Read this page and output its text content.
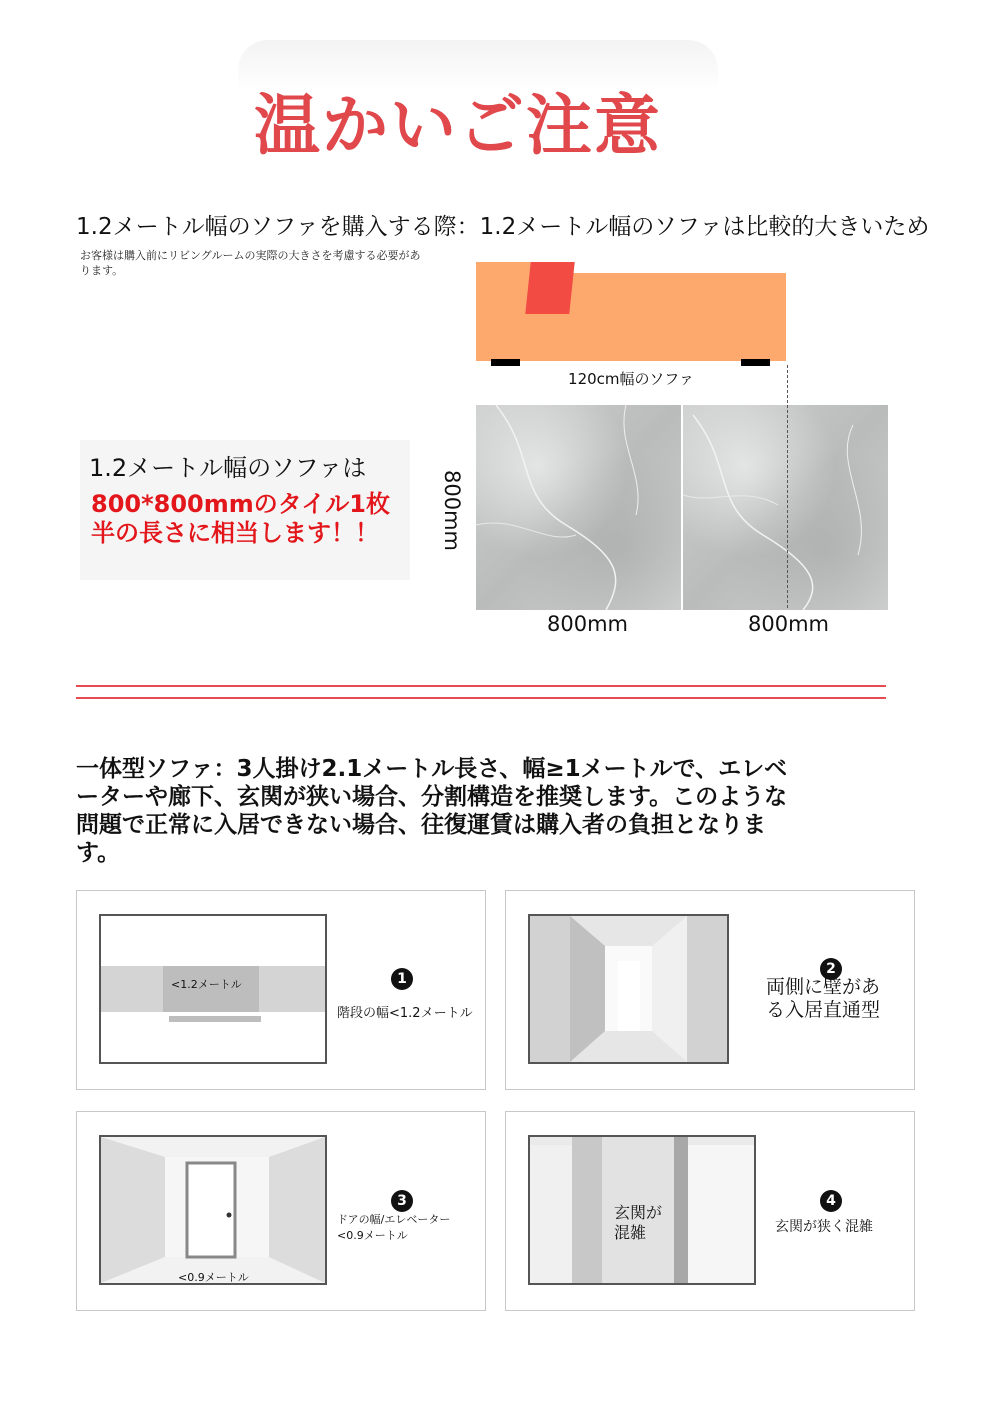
温かいご注意
1.2メートル幅のソファを購入する際：1.2メートル幅のソファは比較的大きいため
お客様は購入前にリビングルームの実際の大きさを考慮する必要があります。
120cm幅のソファ
800mm
800mm	800mm
1.2メートル幅のソファは
800*800mmのタイル1枚半の長さに相当します！！
一体型ソファ：3人掛け2.1メートル長さ、幅≥1メートルで、エレベーターや廊下、玄関が狭い場合、分割構造を推奨します。このような問題で正常に入居できない場合、往復運賃は購入者の負担となります。
<1.2メートル	1
階段の幅<1.2メートル
2
両側に壁がある入居直通型
<0.9メートル
3
ドアの幅/エレベーター<0.9メートル
玄関が混雑
4
玄関が狭く混雑
